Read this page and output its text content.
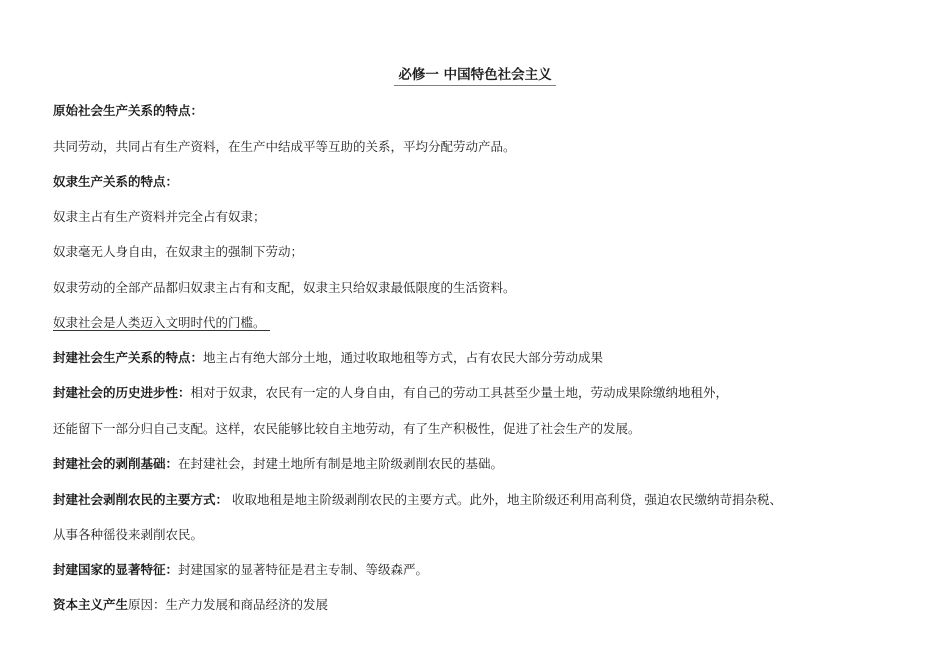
必修一 中国特色社会主义
原始社会生产关系的特点：
共同劳动，共同占有生产资料，在生产中结成平等互助的关系，平均分配劳动产品。
奴隶生产关系的特点：
奴隶主占有生产资料并完全占有奴隶；
奴隶毫无人身自由，在奴隶主的强制下劳动；
奴隶劳动的全部产品都归奴隶主占有和支配，奴隶主只给奴隶最低限度的生活资料。
奴隶社会是人类迈入文明时代的门槛。
封建社会生产关系的特点：地主占有绝大部分土地，通过收取地租等方式，占有农民大部分劳动成果
封建社会的历史进步性：相对于奴隶，农民有一定的人身自由，有自己的劳动工具甚至少量土地，劳动成果除缴纳地租外，
还能留下一部分归自己支配。这样，农民能够比较自主地劳动，有了生产积极性，促进了社会生产的发展。
封建社会的剥削基础：在封建社会，封建土地所有制是地主阶级剥削农民的基础。
封建社会剥削农民的主要方式： 收取地租是地主阶级剥削农民的主要方式。此外，地主阶级还利用高利贷，强迫农民缴纳苛捐杂税、
从事各种徭役来剥削农民。
封建国家的显著特征：封建国家的显著特征是君主专制、等级森严。
资本主义产生原因：生产力发展和商品经济的发展
